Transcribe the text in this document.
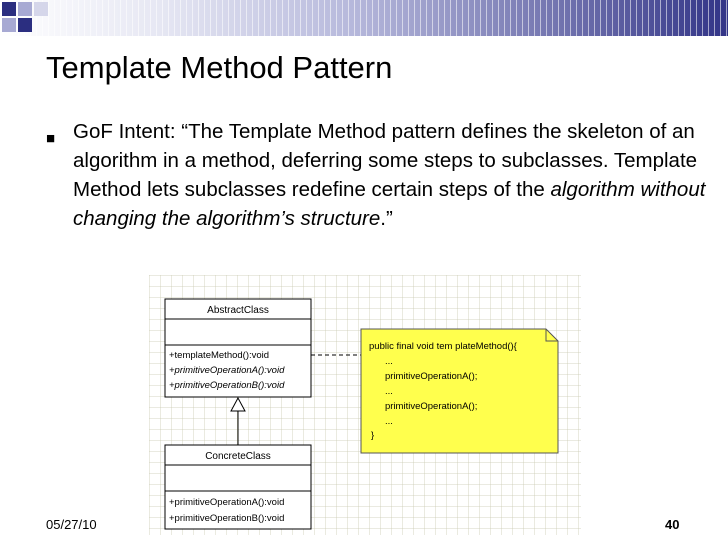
Template Method Pattern
■ GoF Intent: “The Template Method pattern defines the skeleton of an algorithm in a method, deferring some steps to subclasses. Template Method lets subclasses redefine certain steps of the algorithm without changing the algorithm’s structure.”

AbstractClass
+templateMethod():void
+primitiveOperationA():void
+primitiveOperationB():void
ConcreteClass
+primitiveOperationA():void
+primitiveOperationB():void
public final void tem plateMethod(){
...
primitiveOperationA();
...
primitiveOperationA();
...
}
05/27/10	40
